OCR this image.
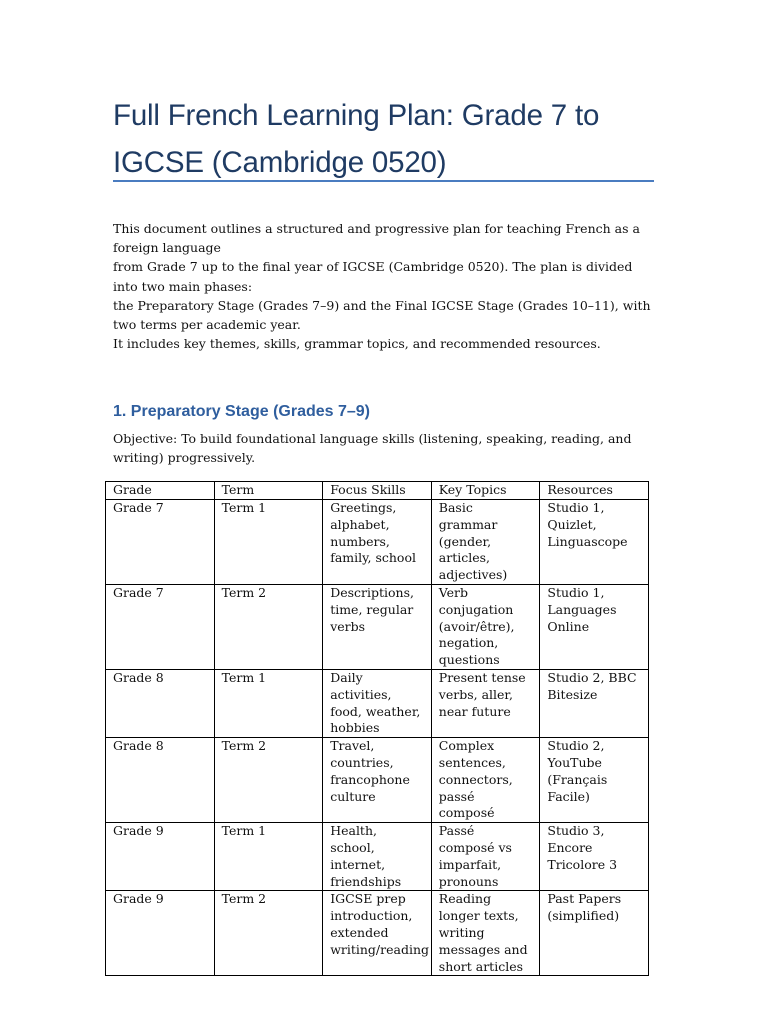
Full French Learning Plan: Grade 7 to IGCSE (Cambridge 0520)

This document outlines a structured and progressive plan for teaching French as a foreign language

from Grade 7 up to the final year of IGCSE (Cambridge 0520). The plan is divided into two main phases:

the Preparatory Stage (Grades 7–9) and the Final IGCSE Stage (Grades 10–11), with two terms per academic year.

It includes key themes, skills, grammar topics, and recommended resources.

1. Preparatory Stage (Grades 7–9)
Objective: To build foundational language skills (listening, speaking, reading, and writing) progressively.
Grade	Term	Focus Skills	Key Topics	Resources
Grade 7	Term 1	Greetings, alphabet, numbers, family, school	Basic grammar (gender, articles, adjectives)	Studio 1, Quizlet, Linguascope
Grade 7	Term 2	Descriptions, time, regular verbs	Verb conjugation (avoir/être), negation, questions	Studio 1, Languages Online
Grade 8	Term 1	Daily activities, food, weather, hobbies	Present tense verbs, aller, near future	Studio 2, BBC Bitesize
Grade 8	Term 2	Travel, countries, francophone culture	Complex sentences, connectors, passé composé	Studio 2, YouTube (Français Facile)
Grade 9	Term 1	Health, school, internet, friendships	Passé composé vs imparfait, pronouns	Studio 3, Encore Tricolore 3
Grade 9	Term 2	IGCSE prep introduction, extended writing/reading	Reading longer texts, writing messages and short articles	Past Papers (simplified)
